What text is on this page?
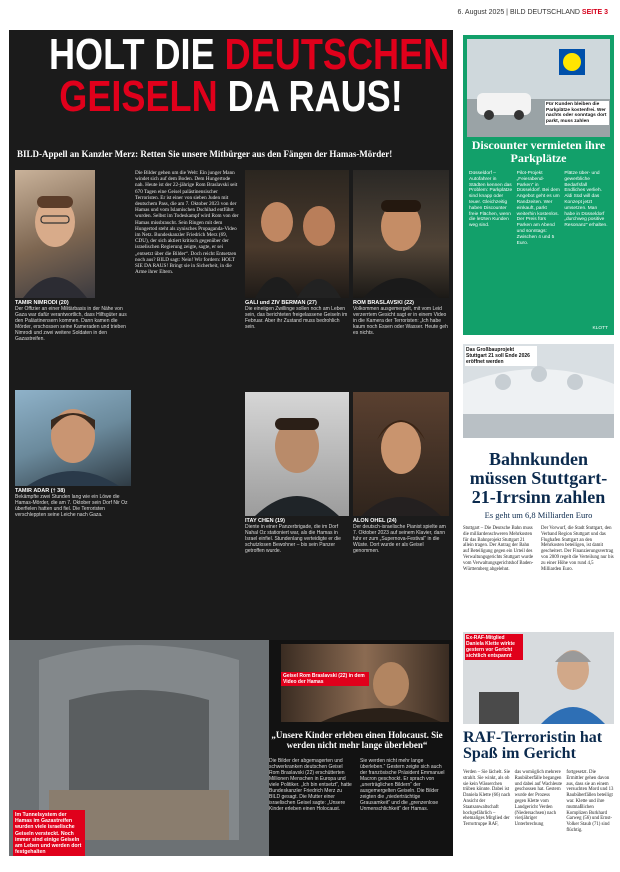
6. August 2025 | BILD DEUTSCHLAND SEITE 3
HOLT DIE DEUTSCHEN
GEISELN DA RAUS!
BILD-Appell an Kanzler Merz: Retten Sie unsere Mitbürger aus den Fängen der Hamas-Mörder!
TAMIR NIMRODI (20)
Der Offizier an einer Militärbasis in der Nähe von Gaza war dafür verantwortlich, dass Hilfsgüter aus den Palästinensern kommen. Dann kamen die Mörder, erschossen seine Kameraden und trieben Nimrodi und zwei weitere Soldaten in den Gazastreifen.
TAMIR ADAR († 38)
Bekämpfte zwei Stunden lang wie ein Löwe die Hamas-Mörder, die am 7. Oktober sein Dorf Nir Oz überfielen hatten und fiel. Die Terroristen verschleppten seine Leiche nach Gaza.
Die Bilder gehen um die Welt: Ein junger Mann windet sich auf dem Boden. Dem Hungertode nah. Heute ist der 22-jährige Rom Braslavski seit 670 Tagen eine Geisel palästinensischer Terroristen. Er ist einer von sieben Juden mit deutschem Pass, die am 7. Oktober 2023 von der Hamas und vom Islamischen Dschihad entführt wurden. Selbst im Todeskampf wird Rom von der Hamas missbraucht. Sein Ringen mit dem Hungertod steht als zynisches Propaganda-Video im Netz. Bundeskanzler Friedrich Merz (69, CDU), der sich aktiert kritisch gegenüber der israelischen Regierung zeigte, sagte, er sei „entsetzt über die Bilder“. Doch reicht Entsetzen noch aus? BILD sagt: Nein! Wir fordern: HOLT SIE DA RAUS! Bringt sie in Sicherheit, in die Arme ihrer Eltern.
GALI und ZIV BERMAN (27)
Die eineiigen Zwillinge sollen noch am Leben sein, das berichteten freigelassene Geiseln im Februar. Aber ihr Zustand muss bedrohlich sein.
ROM BRASLAVSKI (22)
Volkommen ausgemergelt, mit vom Leid verzerrtem Gesicht sagt er in einem Video in die Kamera der Terroristen: „Ich habe kaum noch Essen oder Wasser. Heute geh es nichts.
ITAY CHEN (19)
Diente in einer Panzerbrigade, die im Dorf Nahal Oz stationiert war, als die Hamas in Israel einfiel. Stundenlang verteidigte er die schutzlosen Bewohner – bis sein Panzer getroffen wurde.
ALON OHEL (24)
Der deutsch-israelische Pianist spielte am 7. Oktober 2023 auf seinem Klavier, dann fuhr er zum „Supernova-Festival“ in die Wüste. Dort wurde er als Geisel genommen.
Geisel Rom Braslavski (22) in dem Video der Hamas
„Unsere Kinder erleben einen Holocaust. Sie werden nicht mehr lange überleben“
Die Bilder der abgemagerten und schwerkranken deutschen Geisel Rom Braslavski (22) erschütterten Millionen Menschen in Europa und viele Politiker. „Ich bin entsetzt“, hatte Bundeskanzler Friedrich Merz zu BILD gesagt. Die Mutter einer israelischen Geisel sagte: „Unsere Kinder erleben einen Holocaust.
Sie werden nicht mehr lange überleben.“ Gestern zeigte sich auch der französische Präsident Emmanuel Macron geschockt. Er sprach von „unerträglichen Bildern“ der ausgemergelten Geiseln. Die Bilder zeigten die „niederträchtige Grausamkeit“ und die „grenzenlose Unmenschlichkeit“ der Hamas.
Im Tunnelsystem der Hamas im Gazastreifen wurden viele israelische Geiseln versteckt. Noch immer sind einige Geiseln am Leben und werden dort festgehalten
Für Kunden bleiben die Parkplätze kostenfrei. Wer nachts oder sonntags dort parkt, muss zahlen
Discounter vermieten ihre Parkplätze
Düsseldorf – Autofahrer in Städten kennen das Problem: Parkplätze sind knapp oder teuer. Gleichzeitig haben Discounter freie Flächen, wenn die letzten Kunden weg sind.
Pilot-Projekt „Feierabend-Parken“ in Düsseldorf. Bei dem Angebot geht es um Randzeiten. Wer einkauft, parkt weiterhin kostenlos. Der Preis fürs Parken am Abend und sonntags: Zwischen 4 und 5 Euro.
Plätze über- und gewerbliche Bedarfsfall Endliches verlieh. Aldi Süd will das Konzept jetzt umsetzen. Man habe in Düsseldorf „durchweg positive Resonanz“ erhalten.
KLOTT
Das Großbauprojekt Stuttgart 21 soll Ende 2026 eröffnet werden
Bahnkunden müssen Stuttgart-21-Irrsinn zahlen
Es geht um 6,8 Milliarden Euro
Stuttgart – Die Deutsche Bahn muss die milliardenschweren Mehrkosten für das Bahnprojekt Stuttgart 21 allein tragen. Der Antrag der Bahn auf Beteiligung gegen ein Urteil des Verwaltungsgerichts Stuttgart wurde vom Verwaltungsgerichtshof Baden-Württemberg abgelehnt.
Der Vorwurf, die Stadt Stuttgart, den Verband Region Stuttgart und das Flughafen Stuttgart an den Mehrkosten beteiligen, ist damit gescheitert. Der Finanzierungsvertrag von 2009 regelt die Verteilung nur bis zu einer Höhe von rund 4,5 Milliarden Euro.
Ex-RAF-Mitglied Daniela Klette wirkte gestern vor Gericht sichtlich entspannt
RAF-Terroristin hat Spaß im Gericht
Verden – Sie lächelt. Sie strahlt. Sie winkt, als ob sie kein Wässerchen trüben könnte. Dabei ist Daniela Klette (66) nach Ansicht der Staatsanwaltschaft hochgefährlich – ehemaliges Mitglied der Terrortruppe RAF,
das womöglich mehrere Raubüberfälle begangen und dabei auf Wachleute geschossen hat. Gestern wurde der Prozess gegen Klette vom Landgericht Verden (Niedersachsen) nach vierjähriger Unterbrechung
fortgesetzt. Die Ermittler gehen davon aus, dass sie an einem versuchten Mord und 13 Raubüberfällen beteiligt war. Klette und ihre mutmaßlichen Komplizen Burkhard Garweg (56) und Ernst-Volker Staub (71) sind flüchtig.
